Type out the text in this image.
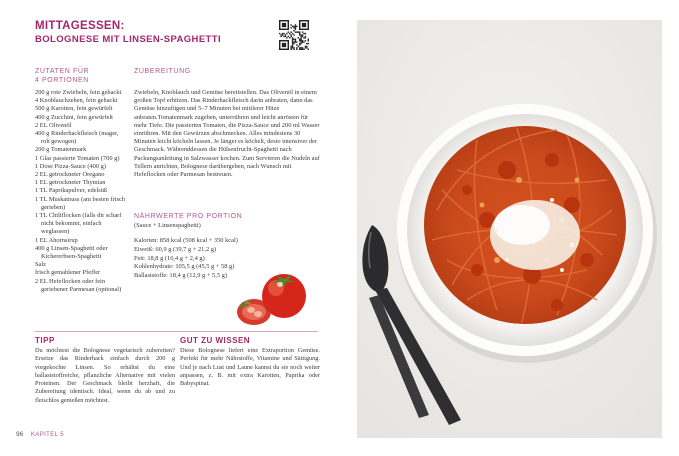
MITTAGESSEN:
BOLOGNESE MIT LINSEN-SPAGHETTI
ZUTATEN FÜR
4 PORTIONEN
ZUBEREITUNG
200 g rote Zwiebeln, fein gehackt
4 Knoblauchzehen, fein gehackt
500 g Karotten, fein gewürfelt
400 g Zucchini, fein gewürfelt
2 EL Olivenöl
400 g Rinderhackfleisch (mager, roh gewogen)
200 g Tomatenmark
1 Glas passierte Tomaten (700 g)
1 Dose Pizza-Sauce (400 g)
2 EL getrockneter Oregano
1 EL getrockneter Thymian
1 TL Paprikapulver, edelsüß
1 TL Muskatnuss (am besten frisch gerieben)
1 TL Chiliflocken (falls dir scharf nicht bekommt, einfach weglassen)
1 EL Ahornsirup
400 g Linsen-Spaghetti oder Kichererbsen-Spaghetti
Salz
frisch gemahlener Pfeffer
2 EL Hefeflocken oder fein geriebener Parmesan (optional)
Zwiebeln, Knoblauch und Gemüse bereitstellen. Das Olivenöl in einem großen Topf erhitzen. Das Rinderhackfleisch darin anbraten, dann das Gemüse hinzufügen und 5–7 Minuten bei mittlerer Hitze anbraten.Tomatenmark zugeben, unterrühren und leicht anrösten für mehr Tiefe. Die passierten Tomaten, die Pizza-Sauce und 200 ml Wasser einrühren. Mit den Gewürzen abschmecken. Alles mindestens 30 Minuten leicht köcheln lassen. Je länger es köchelt, desto intensiver der Geschmack. Währenddessen die Hülsenfrucht-Spaghetti nach Packungsanleitung in Salzwasser kochen. Zum Servieren die Nudeln auf Tellern anrichten, Bolognese darübergeben, nach Wunsch mit Hefeflocken oder Parmesan bestreuen.
NÄHRWERTE PRO PORTION
(Sauce + Linsenspaghetti)
Kalorien: 858 kcal (508 kcal + 350 kcal)
Eiweiß: 60,9 g (39,7 g + 21,2 g)
Fett: 18,8 g (16,4 g + 2,4 g)
Kohlenhydrate: 105,5 g (45,5 g + 58 g)
Ballaststoffe: 18,4 g (12,9 g + 5,5 g)
TIPP	GUT ZU WISSEN
Du möchtest die Bolognese vegetarisch zubereiten? Ersetze das Rinderhack einfach durch 200 g vorgekochte Linsen. So erhältst du eine ballaststoffreiche, pflanzliche Alternative mit vielen Proteinen. Der Geschmack bleibt herzhaft, die Zubereitung identisch. Ideal, wenn du ab und zu fleischlos genießen möchtest.
Diese Bolognese liefert eine Extraportion Gemüse. Perfekt für mehr Nährstoffe, Vitamine und Sättigung. Und je nach Lust und Laune kannst du sie noch weiter anpassen, z. B. mit extra Karotten, Paprika oder Babyspinat.
96 KAPITEL 5
